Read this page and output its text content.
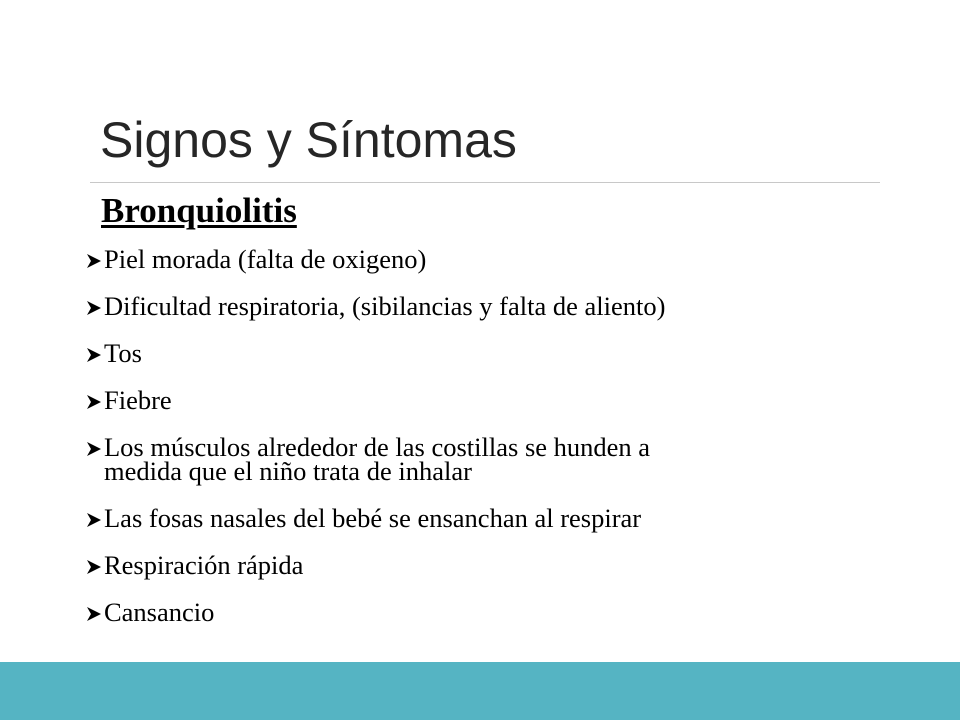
Signos y Síntomas
Bronquiolitis
Piel morada (falta de oxigeno)
Dificultad respiratoria, (sibilancias y falta de aliento)
Tos
Fiebre
Los músculos alrededor de las costillas se hunden a
medida que el niño trata de inhalar
Las fosas nasales del bebé se ensanchan al respirar
Respiración rápida
Cansancio
